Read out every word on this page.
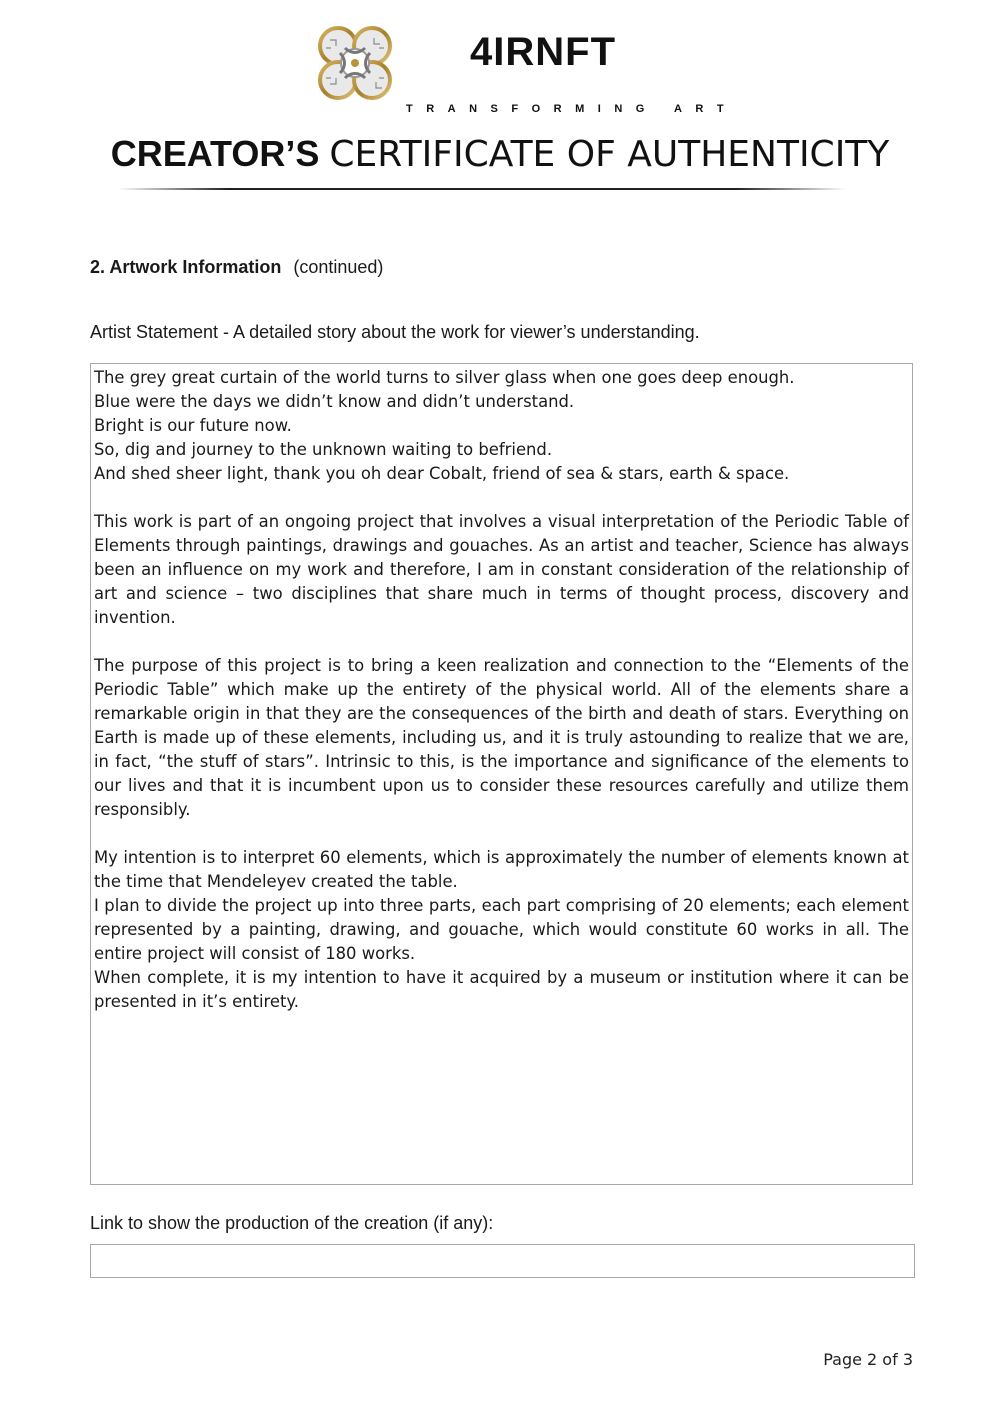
4IRNFT
TRANSFORMING ART
CREATOR’S CERTIFICATE OF AUTHENTICITY
2. Artwork Information (continued)
Artist Statement - A detailed story about the work for viewer’s understanding.

The grey great curtain of the world turns to silver glass when one goes deep enough.
Blue were the days we didn’t know and didn’t understand.
Bright is our future now.
So, dig and journey to the unknown waiting to befriend.
And shed sheer light, thank you oh dear Cobalt, friend of sea & stars, earth & space.

This work is part of an ongoing project that involves a visual interpretation of the Periodic Table of Elements through paintings, drawings and gouaches. As an artist and teacher, Science has always been an influence on my work and therefore, I am in constant consideration of the relationship of art and science – two disciplines that share much in terms of thought process, discovery and invention.

The purpose of this project is to bring a keen realization and connection to the “Elements of the Periodic Table” which make up the entirety of the physical world. All of the elements share a remarkable origin in that they are the consequences of the birth and death of stars. Everything on Earth is made up of these elements, including us, and it is truly astounding to realize that we are, in fact, “the stuff of stars”. Intrinsic to this, is the importance and significance of the elements to our lives and that it is incumbent upon us to consider these resources carefully and utilize them responsibly.

My intention is to interpret 60 elements, which is approximately the number of elements known at the time that Mendeleyev created the table.
I plan to divide the project up into three parts, each part comprising of 20 elements; each element represented by a painting, drawing, and gouache, which would constitute 60 works in all. The entire project will consist of 180 works.
When complete, it is my intention to have it acquired by a museum or institution where it can be presented in it’s entirety.

Link to show the production of the creation (if any):
Page 2 of 3
